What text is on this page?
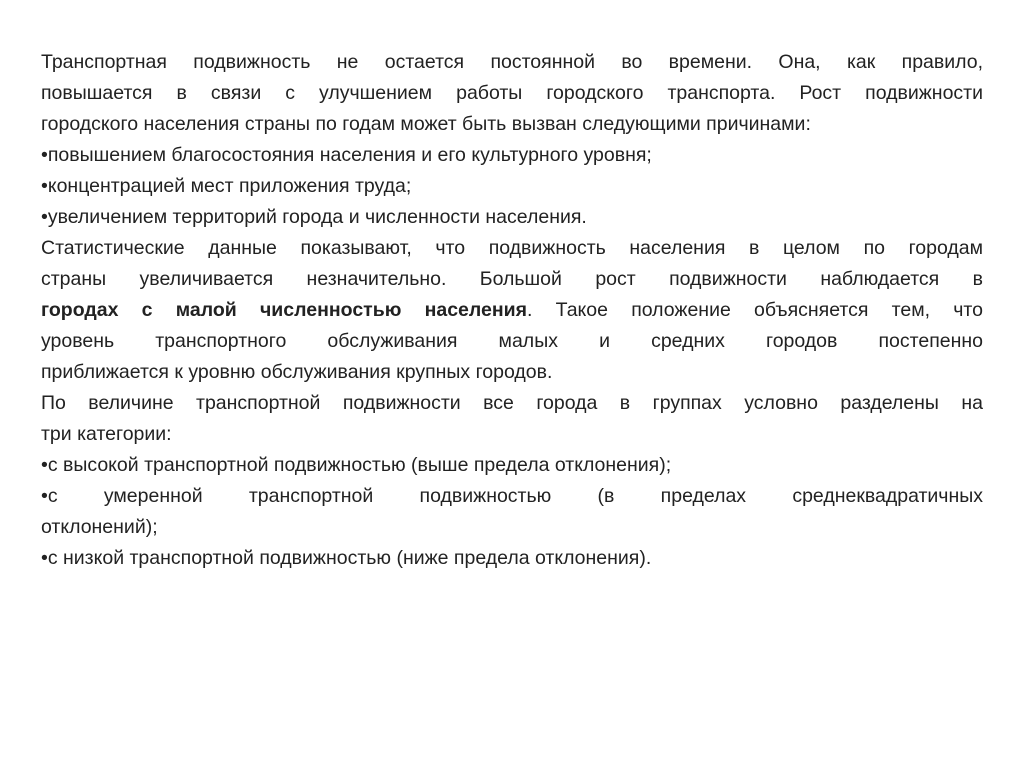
Транспортная подвижность не остается постоянной во времени. Она, как правило,
повышается в связи с улучшением работы городского транспорта. Рост подвижности
городского населения страны по годам может быть вызван следующими причинами:
•повышением благосостояния населения и его культурного уровня;
•концентрацией мест приложения труда;
•увеличением территорий города и численности населения.
Статистические данные показывают, что подвижность населения в целом по городам
страны увеличивается незначительно. Большой рост подвижности наблюдается в
городах с малой численностью населения. Такое положение объясняется тем, что
уровень транспортного обслуживания малых и средних городов постепенно
приближается к уровню обслуживания крупных городов.
По величине транспортной подвижности все города в группах условно разделены на
три категории:
•с высокой транспортной подвижностью (выше предела отклонения);
•с умеренной транспортной подвижностью (в пределах среднеквадратичных
отклонений);
•с низкой транспортной подвижностью (ниже предела отклонения).
